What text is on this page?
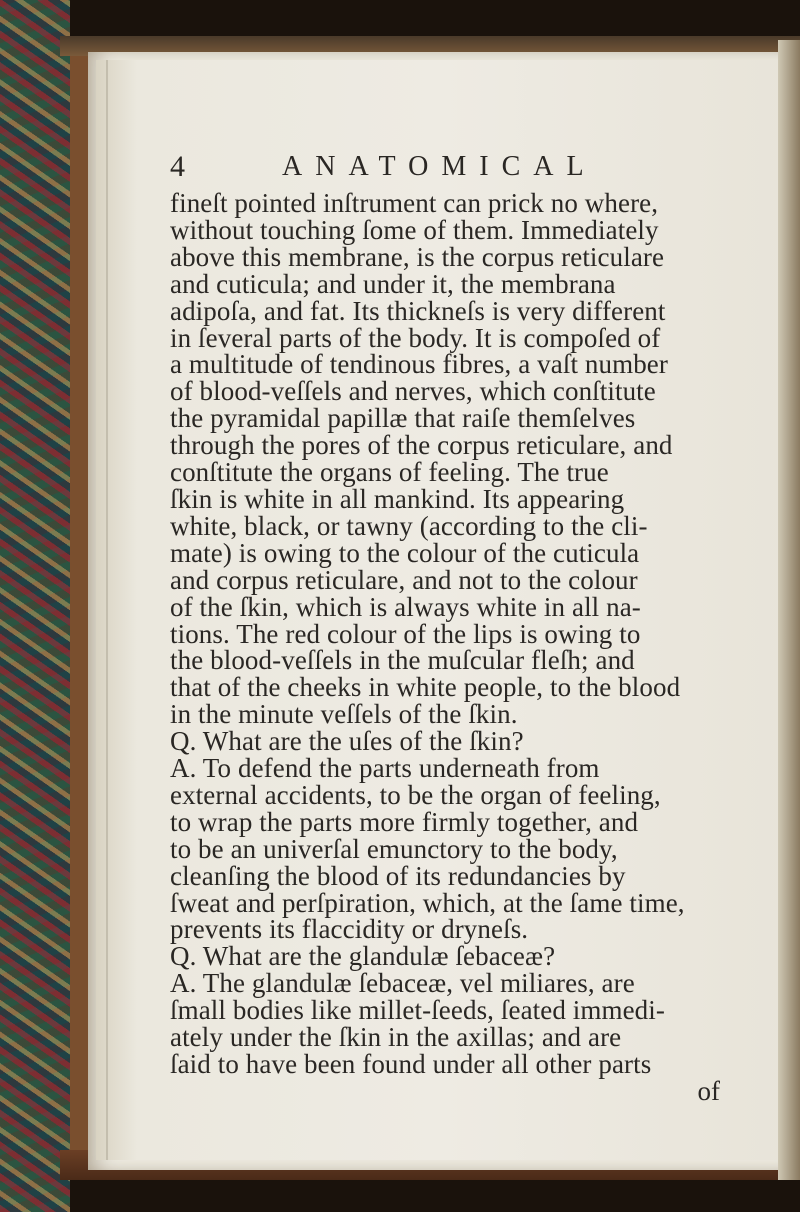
4	ANATOMICAL
fineſt pointed inſtrument can prick no where,
without touching ſome of them. Immediately
above this membrane, is the corpus reticulare
and cuticula; and under it, the membrana
adipoſa, and fat. Its thickneſs is very different
in ſeveral parts of the body. It is compoſed of
a multitude of tendinous fibres, a vaſt number
of blood-veſſels and nerves, which conſtitute
the pyramidal papillæ that raiſe themſelves
through the pores of the corpus reticulare, and
conſtitute the organs of feeling. The true
ſkin is white in all mankind. Its appearing
white, black, or tawny (according to the cli-
mate) is owing to the colour of the cuticula
and corpus reticulare, and not to the colour
of the ſkin, which is always white in all na-
tions. The red colour of the lips is owing to
the blood-veſſels in the muſcular fleſh; and
that of the cheeks in white people, to the blood
in the minute veſſels of the ſkin.
Q. What are the uſes of the ſkin?
A. To defend the parts underneath from
external accidents, to be the organ of feeling,
to wrap the parts more firmly together, and
to be an univerſal emunctory to the body,
cleanſing the blood of its redundancies by
ſweat and perſpiration, which, at the ſame time,
prevents its flaccidity or dryneſs.
Q. What are the glandulæ ſebaceæ?
A. The glandulæ ſebaceæ, vel miliares, are
ſmall bodies like millet-ſeeds, ſeated immedi-
ately under the ſkin in the axillas; and are
ſaid to have been found under all other parts
of
